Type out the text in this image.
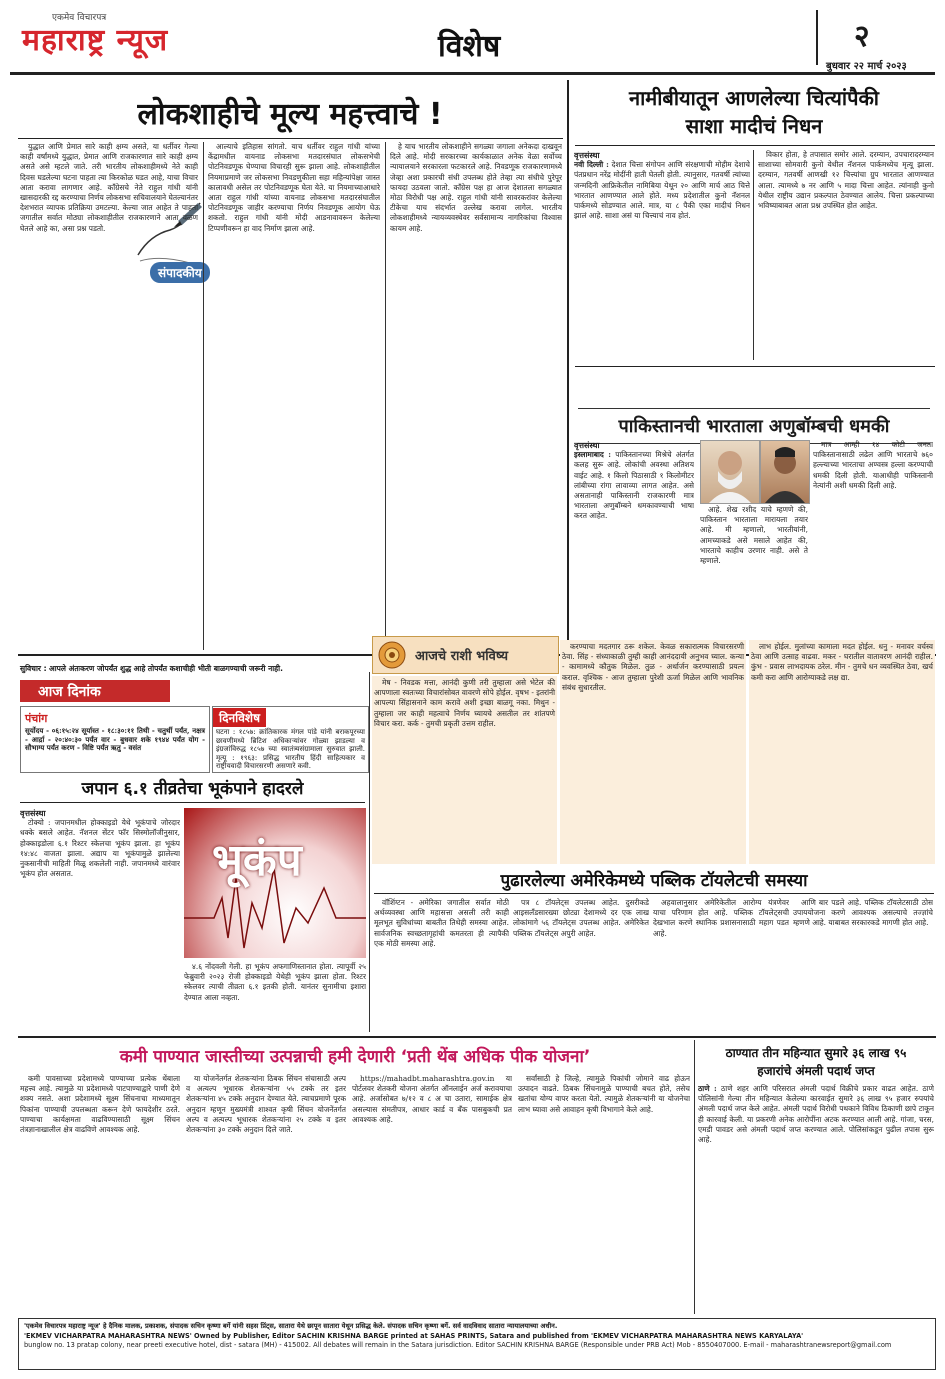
एकमेव विचारपत्र
महाराष्ट्र न्यूज	विशेष	२
बुधवार २२ मार्च २०२३
लोकशाहीचे मूल्य महत्त्वाचे !
संपादकीय

युद्धात आणि प्रेमात सारे काही क्षम्य असते, या धर्तीवर गेल्या काही वर्षांमध्ये युद्धात, प्रेमात आणि राजकारणात सारे काही क्षम्य असते असे म्हटले जाते. तरी भारतीय लोकशाहीमध्ये नेते काही दिवस घडलेल्या घटना पाहता त्या किरकोळ घडत आहे, याचा विचार आता करावा लागणार आहे. काँग्रेसचे नेते राहुल गांधी यांनी खासदारकी रद्द करण्याचा निर्णय लोकसभा सचिवालयाने घेतल्यानंतर देशभरात व्यापक प्रतिक्रिया उमटल्या. केल्या जात आहेत ते पाहता जगातील सर्वात मोठ्या लोकशाहीतील राजकारणाने आता वळण घेतले आहे का, असा प्रश्न पडतो.

आल्याचे इतिहास सांगतो. याच धर्तीवर राहुल गांधी यांच्या केंद्रामधील वायनाड लोकसभा मतदारसंघात लोकसभेची पोटनिवडणूक घेण्याचा विचारही सुरू झाला आहे. लोकशाहीतील नियमाप्रमाणे जर लोकसभा निवडणुकीला सहा महिन्यांपेक्षा जास्त कालावधी असेल तर पोटनिवडणूक घेता येते. या नियमाच्याआधारे आता राहुल गांधी यांच्या वायनाड लोकसभा मतदारसंघातील पोटनिवडणूक जाहीर करण्याचा निर्णय निवडणूक आयोग घेऊ शकतो. राहुल गांधी यांनी मोदी आडनावावरून केलेल्या टिप्पणीवरून हा वाद निर्माण झाला आहे.

हे याच भारतीय लोकशाहीने सगळ्या जगाला अनेकदा दाखवून दिले आहे. मोदी सरकारच्या कार्यकाळात अनेक वेळा सर्वोच्च न्यायालयाने सरकारला फटकारले आहे. निवडणूक राजकारणामध्ये जेव्हा अशा प्रकारची संधी उपलब्ध होते तेव्हा त्या संधीचे पुरेपूर फायदा उठवला जातो. काँग्रेस पक्ष हा आज देशातला सगळ्यात मोठा विरोधी पक्ष आहे. राहुल गांधी यांनी सावरकरांवर केलेल्या टीकेचा याच संदर्भात उल्लेख करावा लागेल. भारतीय लोकशाहीमध्ये न्यायव्यवस्थेवर सर्वसामान्य नागरिकांचा विश्वास कायम आहे.

नामीबीयातून आणलेल्या चित्यांपैकी
साशा मादीचं निधन
वृत्तसंस्था
नवी दिल्ली : देशात चित्ता संगोपन आणि संरक्षणाची मोहीम देशाचे पंतप्रधान नरेंद्र मोदींनी हाती घेतली होती. त्यानुसार, गतवर्षी त्यांच्या जन्मदिनी आफ्रिकेतील नामिबिया येथून २० आणि मार्च आठ चित्ते भारतात आणण्यात आले होते. मध्य प्रदेशातील कुनो नॅशनल पार्कमध्ये सोडण्यात आले. मात्र, या ८ पैकी एका मादीचं निधन झालं आहे. साशा असं या चित्त्याचं नाव होतं.

विकार होता, हे तपासात समोर आले. दरम्यान, उपचारादरम्यान साशाच्या सोमवारी कुनो येथील नॅशनल पार्कमध्येच मृत्यू झाला. दरम्यान, गतवर्षी आणखी १२ चित्त्यांचा ग्रुप भारतात आणण्यात आला. त्यामध्ये ७ नर आणि ५ मादा चित्ता आहेत. त्यांनाही कुनो येथील राष्ट्रीय उद्यान प्रकल्पात ठेवण्यात आलेय. चित्ता प्रकल्पाच्या भविष्याबाबत आता प्रश्न उपस्थित होत आहेत.

पाकिस्तानची भारताला अणुबॉम्बची धमकी
वृत्तसंस्था
इस्लामाबाद : पाकिस्तानच्या मिश्रेचे अंतर्गत कलह सुरू आहे. लोकांची अवस्था अतिशय वाईट आहे. १ किलो पिठासाठी १ किलोमीटर लांबीच्या रांगा लावाव्या लागत आहेत. असे असतानाही पाकिस्तानी राजकारणी मात्र भारताला अणुबॉम्बने धमकावण्याची भाषा करत आहेत.

आहे. शेख रशीद याचे म्हणणे की, पाकिस्तान भारताला मारायला तयार आहे. मी म्हणालो, भारतीयांनी, आमच्याकडे असे मसाले आहेत की, भारताचे काहीच उरणार नाही. असे ते म्हणाले.

मात्र आम्ही १४ कोटी जनता पाकिस्तानासाठी लढेल आणि भारताचे ७६० हल्ल्याच्या भारताचा अण्वस्त्र हल्ला करण्याची धमकी दिली होती. याआधीही पाकिस्तानी नेत्यांनी अशी धमकी दिली आहे.

सुविचार : आपले अंतःकरण जोपर्यंत शुद्ध आहे तोपर्यंत कशाचीही भीती बाळगण्याची जरूरी नाही.
आज दिनांक
दिनविशेष
घटना : १८५७: क्रांतिकारक मंगल पांडे यांनी बराकपूरच्या छावणीमध्ये ब्रिटिश अधिकाऱ्यांवर गोळ्या झाडल्या व इंग्रजांविरुद्ध १८५७ च्या स्वातंत्र्यसंग्रामाला सुरुवात झाली. मृत्यू : १९६३: प्रसिद्ध भारतीय हिंदी साहित्यकार व राष्ट्रीयवादी विचारसरणी असणारे कवी.
पंचांग
सूर्योदय - ०६:१५:२४ सूर्यास्त - १८:३०:११ तिथी - चतुर्थी पर्यंत, नक्षत्र - आर्द्रा - २०:४०:३० पर्यंत वार - बुधवार शके १९४४ पर्यंत योग - सौभाग्य पर्यंत करण - विष्टि पर्यंत ऋतु - वसंत
आजचे राशी भविष्य

मेष - निवडक मत्ता, आनंदी कुणी तरी तुम्हाला असे भेटेल की आपणाला स्वतःच्या विचारांसोबत वावरणे सोपे होईल. वृषभ - इतरांनी आपल्या सिंहासनाने काम करावे अशी इच्छा बाळगू नका. मिथुन - तुम्हाला जर काही महत्वाचे निर्णय घ्यायचे असतील तर शांतपणे विचार करा. कर्क - तुमची प्रकृती उत्तम राहील.

करण्याचा मदतगार ठरू शकेल. केवळ सकारात्मक विचारसरणी ठेवा. सिंह - संध्याकाळी तुम्ही काही आनंददायी अनुभव घ्याल. कन्या - कामामध्ये कौतुक मिळेल. तुळ - अर्थार्जन करण्यासाठी प्रयत्न कराल. वृश्चिक - आज तुम्हाला पुरेशी ऊर्जा मिळेल आणि भावनिक संबंध सुधारतील.

लाभ होईल. मुलांच्या कामाला मदत होईल. धनु - मनावर वर्चस्व ठेवा आणि उत्साह वाढवा. मकर - घरातील वातावरण आनंदी राहील. कुंभ - प्रवास लाभदायक ठरेल. मीन - तुमचे धन व्यवस्थित ठेवा, खर्च कमी करा आणि आरोग्याकडे लक्ष द्या.

जपान ६.१ तीव्रतेचा भूकंपाने हादरले
वृत्तसंस्था

टोक्यो : जपानमधील होक्काइडो येथे भूकंपाचे जोरदार धक्के बसले आहेत. नॅशनल सेंटर फॉर सिस्मोलॉजीनुसार, होक्काइडोला ६.१ रिश्टर स्केलचा भूकंप झाला. हा भूकंप १४:४८ वाजता झाला. अद्याप या भूकंपामुळे झालेल्या नुकसानीची माहिती मिळू शकलेली नाही. जपानमध्ये वारंवार भूकंप होत असतात.	भूकंप

४.६ नोंदवली गेली. हा भूकंप अफगाणिस्तानात होता. त्यापूर्वी २५ फेब्रुवारी २०२३ रोजी होक्काइडो येथेही भूकंप झाला होता. रिश्टर स्केलवर त्याची तीव्रता ६.१ इतकी होती. यानंतर सुनामीचा इशारा देण्यात आला नव्हता.

पुढारलेल्या अमेरिकेमध्ये पब्लिक टॉयलेटची समस्या

वॉशिंग्टन - अमेरिका जगातील सर्वात मोठी अर्थव्यवस्था आणि महासत्ता असली तरी काही मूलभूत सुविधांच्या बाबतीत तिथेही समस्या आहेत. सार्वजनिक स्वच्छतागृहांची कमतरता ही त्यापैकी एक मोठी समस्या आहे.

पत्र ८ टॉयलेट्स उपलब्ध आहेत. दुसरीकडे आइसलँडसारख्या छोट्या देशामध्ये दर एक लाख लोकांमागे ५६ टॉयलेट्स उपलब्ध आहेत. अमेरिकेत पब्लिक टॉयलेट्स अपुरी आहेत.

अहवालानुसार अमेरिकेतील आरोग्य यंत्रणेवर याचा परिणाम होत आहे. पब्लिक टॉयलेट्सची देखभाल करणे स्थानिक प्रशासनासाठी महाग पडत आहे.

आणि बार पडले आहे. पब्लिक टॉयलेटसाठी ठोस उपाययोजना करणे आवश्यक असल्याचे तज्ज्ञांचे म्हणणे आहे. याबाबत सरकारकडे मागणी होत आहे.

कमी पाण्यात जास्तीच्या उत्पन्नाची हमी देणारी ‘प्रती थेंब अधिक पीक योजना’

कमी पावसाच्या प्रदेशामध्ये पाण्याच्या प्रत्येक थेंबाला महत्त्व आहे. त्यामुळे या प्रदेशामध्ये पाटपाण्याद्वारे पाणी देणे शक्य नसते. अशा प्रदेशामध्ये सूक्ष्म सिंचनाचा माध्यमातून पिकांना पाण्याची उपलब्धता करून देणे फायदेशीर ठरते. पाण्याचा कार्यक्षमता वाढविण्यासाठी सूक्ष्म सिंचन तंत्रज्ञानाखालील क्षेत्र वाढविणे आवश्यक आहे.

या योजनेंतर्गत शेतकऱ्यांना ठिबक सिंचन संचासाठी अल्प व अत्यल्प भूधारक शेतकऱ्यांना ५५ टक्के तर इतर शेतकऱ्यांना ४५ टक्के अनुदान देण्यात येते. त्याचप्रमाणे पूरक अनुदान म्हणून मुख्यमंत्री शाश्वत कृषी सिंचन योजनेंतर्गत अल्प व अत्यल्प भूधारक शेतकऱ्यांना २५ टक्के व इतर शेतकऱ्यांना ३० टक्के अनुदान दिले जाते.

https://mahadbt.maharashtra.gov.in या पोर्टलवर शेतकरी योजना अंतर्गत ऑनलाईन अर्ज करावयाचा आहे. अर्जासोबत ७/१२ व ८ अ चा उतारा, सामाईक क्षेत्र असल्यास संमतीपत्र, आधार कार्ड व बँक पासबुकची प्रत आवश्यक आहे.

सर्वांसाठी हे जिल्हे, त्यामुळे पिकांची जोमाने वाढ होऊन उत्पादन वाढते. ठिबक सिंचनामुळे पाण्याची बचत होते, तसेच खतांचा योग्य वापर करता येतो. त्यामुळे शेतकऱ्यांनी या योजनेचा लाभ घ्यावा असे आवाहन कृषी विभागाने केले आहे.

ठाण्यात तीन महिन्यात सुमारे ३६ लाख ९५
हजारांचे अंमली पदार्थ जप्त
ठाणे : ठाणे शहर आणि परिसरात अंमली पदार्थ विक्रीचे प्रकार वाढत आहेत. ठाणे पोलिसांनी गेल्या तीन महिन्यात केलेल्या कारवाईत सुमारे ३६ लाख ९५ हजार रुपयांचे अंमली पदार्थ जप्त केले आहेत. अंमली पदार्थ विरोधी पथकाने विविध ठिकाणी छापे टाकून ही कारवाई केली. या प्रकरणी अनेक आरोपींना अटक करण्यात आली आहे. गांजा, चरस, एमडी पावडर असे अंमली पदार्थ जप्त करण्यात आले. पोलिसांकडून पुढील तपास सुरू आहे.
'एकमेव विचारपत्र महाराष्ट्र न्यूज' हे दैनिक मालक, प्रकाशक, संपादक सचिन कृष्णा बर्गे यांनी सहस प्रिंट्स, सातारा येथे छापून सातारा येथून प्रसिद्ध केले. संपादक सचिन कृष्णा बर्गे. सर्व वादविवाद सातारा न्यायालयाच्या अधीन.
'EKMEV VICHARPATRA MAHARASHTRA NEWS' Owned by Publisher, Editor SACHIN KRISHNA BARGE printed at SAHAS PRINTS, Satara and published from 'EKMEV VICHARPATRA MAHARASHTRA NEWS KARYALAYA'
bunglow no. 13 pratap colony, near preeti executive hotel, dist - satara (MH) - 415002. All debates will remain in the Satara jurisdiction. Editor SACHIN KRISHNA BARGE (Responsible under PRB Act) Mob - 8550407000. E-mail - maharashtranewsreport@gmail.com
